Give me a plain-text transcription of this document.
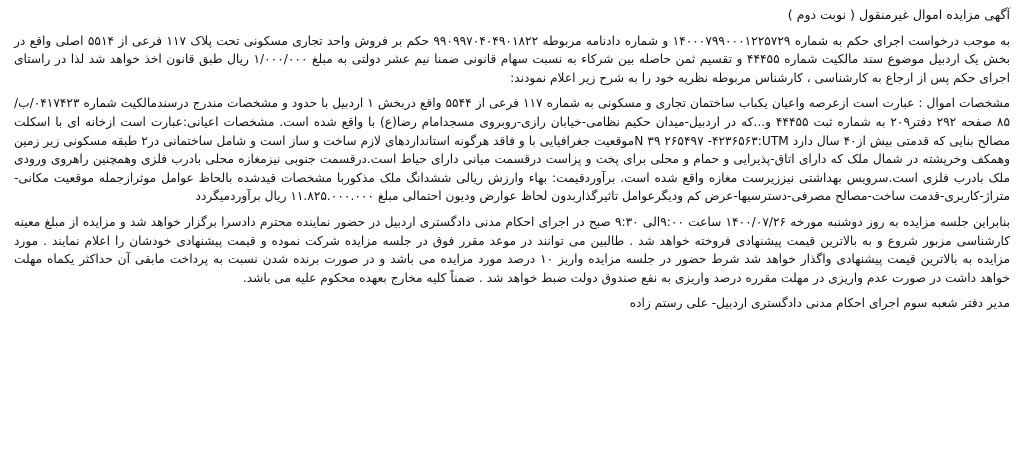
آگهی مزایده اموال غیرمنقول ( نوبت دوم )

به موجب درخواست اجرای حکم به شماره ۱۴۰۰۰۷۹۹۰۰۰۱۲۲۵۷۲۹ و شماره دادنامه مربوطه ۹۹۰۹۹۷۰۴۰۴۹۰۱۸۲۲ حکم بر فروش واحد تجاری مسکونی تحت پلاک ۱۱۷ فرعی از ۵۵۱۴ اصلی واقع در بخش یک اردبیل موضوع سند مالکیت شماره ۴۴۴۵۵ و تقسیم ثمن حاصله بین شرکاء به نسبت سهام قانونی ضمنا نیم عشر دولتی به مبلغ ۱/۰۰۰/۰۰۰ ریال طبق قانون اخذ خواهد شد لذا در راستای اجرای حکم پس از ارجاع به کارشناسی ، کارشناس مربوطه نظریه خود را به شرح زیر اعلام نمودند:

مشخصات اموال : عبارت است ازعرصه واعیان یکباب ساختمان تجاری و مسکونی به شماره ۱۱۷ فرعی از ۵۵۴۴ واقع دربخش ۱ اردبیل با حدود و مشخصات مندرج درسندمالکیت شماره ۰۴۱۷۴۲۳/ب/۸۵ صفحه ۲۹۲ دفتر۲۰۹ به شماره ثبت ۴۴۴۵۵ و...که در اردبیل-میدان حکیم نظامی-خیابان رازی-روبروی مسجدامام رضا(ع) با واقع شده است. مشخصات اعیانی:عبارت است ازخانه ای با اسکلت مصالح بنایی که قدمتی بیش از۴۰ سال دارد N ۳۹ ۲۶۵۴۹۷ -۴۲۳۶۵۶۳:UTMموقعیت جغرافیایی با و فاقد هرگونه استانداردهای لازم ساخت و ساز است و شامل ساختمانی در۲ طبقه مسکونی زیر زمین وهمکف وخرپشته در شمال ملک که دارای اتاق-پذیرایی و حمام و محلی برای پخت و پزاست درقسمت میانی دارای حیاط است.درقسمت جنوبی نیزمغازه محلی بادرب فلزی وهمچنین راهروی ورودی ملک بادرب فلزی است.سرویس بهداشتی نیززیرست مغازه واقع شده است. برآوردقیمت: بهاء وارزش ریالی ششدانگ ملک مذکوربا مشخصات قیدشده بالحاظ عوامل موثرازجمله موقعیت مکانی-متراژ-کاربری-قدمت ساخت-مصالح مصرفی-دسترسیها-عرض کم ودیگرعوامل تاثیرگذاربدون لحاظ عوارض ودیون احتمالی مبلغ ۱۱.۸۲۵.۰۰۰.۰۰۰ ریال برآوردمیگردد

بنابراین جلسه مزایده به روز دوشنبه مورخه ۱۴۰۰/۰۷/۲۶ ساعت ۹:۰۰الی ۹:۳۰ صبح در اجرای احکام مدنی دادگستری اردبیل در حضور نماینده محترم دادسرا برگزار خواهد شد و مزایده از مبلغ معینه کارشناسی مزبور شروع و به بالاترین قیمت پیشنهادی فروخته خواهد شد . طالبین می توانند در موعد مقرر فوق در جلسه مزایده شرکت نموده و قیمت پیشنهادی خودشان را اعلام نمایند . مورد مزایده به بالاترین قیمت پیشنهادی واگذار خواهد شد شرط حضور در جلسه مزایده واریز ۱۰ درصد مورد مزایده می باشد و در صورت برنده شدن نسبت به پرداخت مابقی آن حداکثر یکماه مهلت خواهد داشت در صورت عدم واریزی در مهلت مقرره درصد واریزی به نفع صندوق دولت ضبط خواهد شد . ضمناً کلیه مخارج بعهده محکوم علیه می باشد.

مدیر دفتر شعبه سوم اجرای احکام مدنی دادگستری اردبیل- علی رستم زاده
